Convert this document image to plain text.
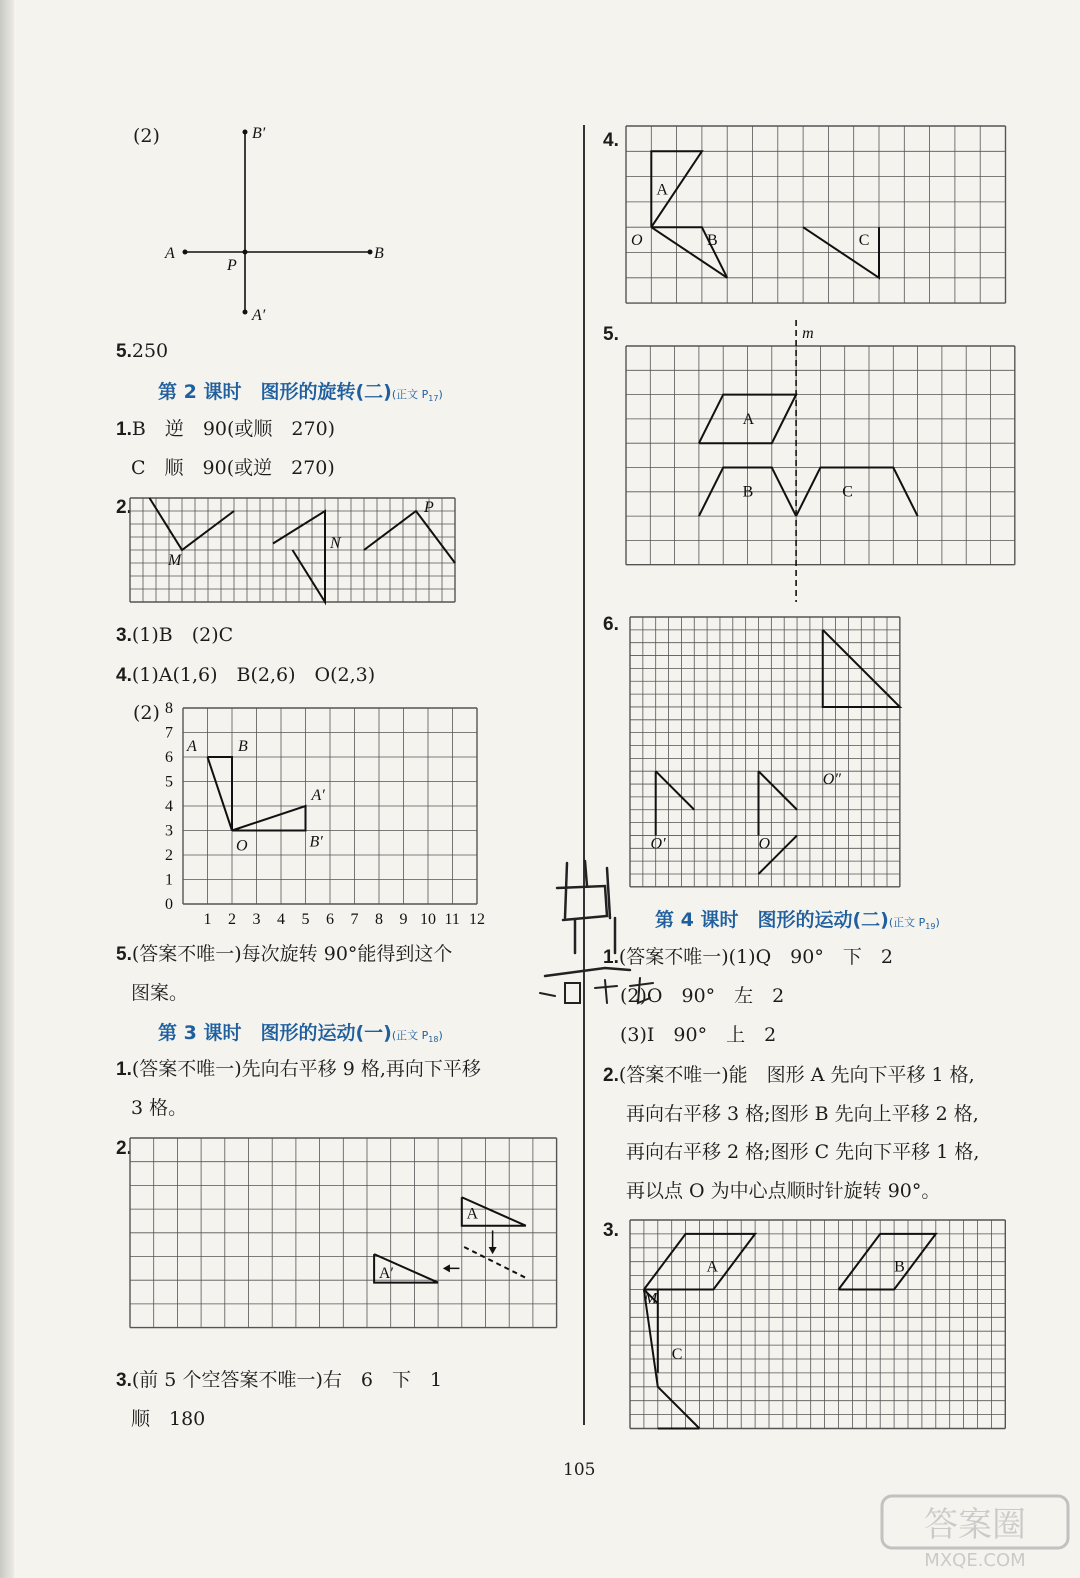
(2)	B′
A
P
B
A′
5.250
第 2 课时　图形的旋转(二)(正文 $P_{17}$)
1.B　逆　90(或顺　270)
C　顺　90(或逆　270)
2.
M
N
P
3.(1)B　(2)C
4.(1)A(1,6)　B(2,6)　O(2,3)
(2) 8
7
6
5
4
3
2
1
0
1 2 3 4 5 6 7 8 9 10 11 12
A	B
A′
B′
O
5.(答案不唯一)每次旋转 90°能得到这个
图案。
第 3 课时　图形的运动(一)(正文 $P_{18}$)
1.(答案不唯一)先向右平移 9 格,再向下平移
3 格。
2.
A
A′
3.(前 5 个空答案不唯一)右　6　下　1
顺　180
4.
A
O	B	C
5.	m
A
B	C
6.
O″
O′	O
第 4 课时　图形的运动(二)(正文 $P_{19}$)
1.(答案不唯一)(1)Q　90°　下　2
(2)O　90°　左　2
(3)I　90°　上　2
2.(答案不唯一)能　图形 A 先向下平移 1 格,
再向右平移 3 格;图形 B 先向上平移 2 格,
再向右平移 2 格;图形 C 先向下平移 1 格,
再以点 O 为中心点顺时针旋转 90°。
3.
A	B
M
C
105
答案圈
MXQE.COM
